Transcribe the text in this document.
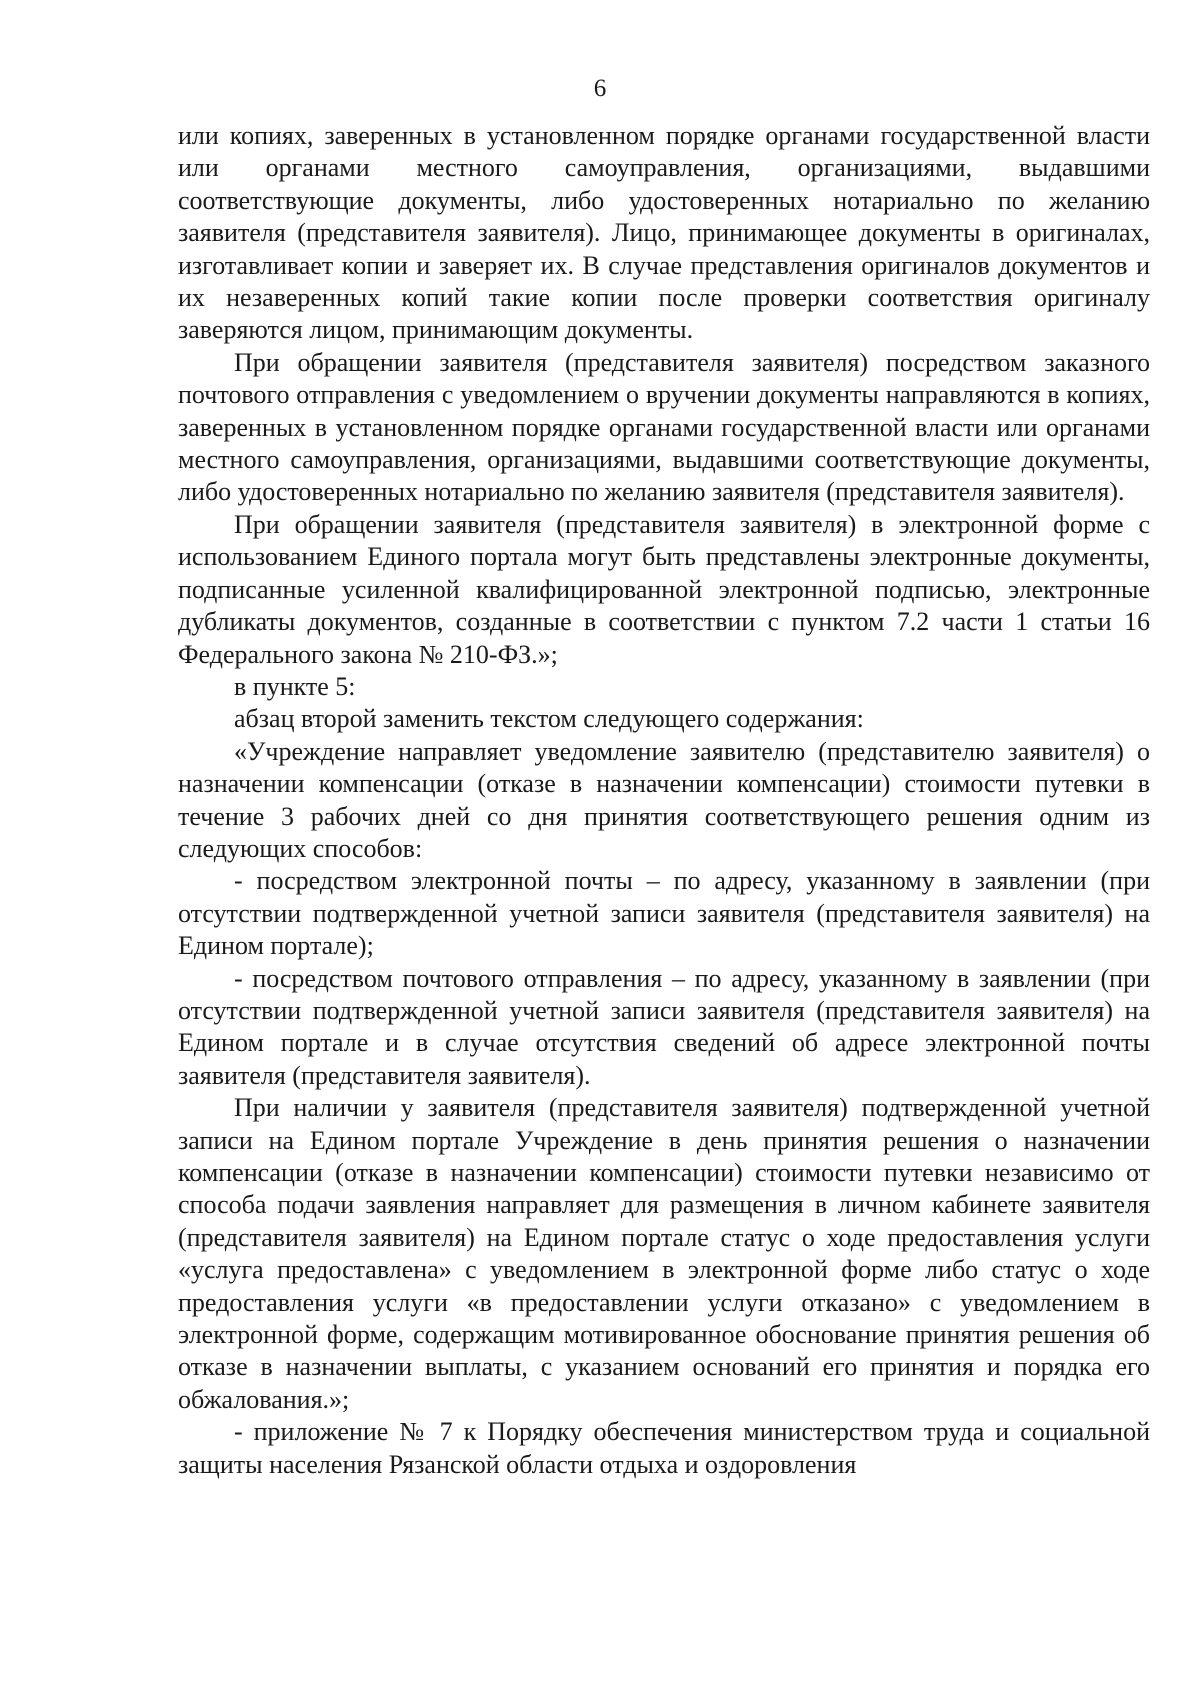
6

или копиях, заверенных в установленном порядке органами государственной власти или органами местного самоуправления, организациями, выдавшими соответствующие документы, либо удостоверенных нотариально по желанию заявителя (представителя заявителя). Лицо, принимающее документы в оригиналах, изготавливает копии и заверяет их. В случае представления оригиналов документов и их незаверенных копий такие копии после проверки соответствия оригиналу заверяются лицом, принимающим документы.

При обращении заявителя (представителя заявителя) посредством заказного почтового отправления с уведомлением о вручении документы направляются в копиях, заверенных в установленном порядке органами государственной власти или органами местного самоуправления, организациями, выдавшими соответствующие документы, либо удостоверенных нотариально по желанию заявителя (представителя заявителя).

При обращении заявителя (представителя заявителя) в электронной форме с использованием Единого портала могут быть представлены электронные документы, подписанные усиленной квалифицированной электронной подписью, электронные дубликаты документов, созданные в соответствии с пунктом 7.2 части 1 статьи 16 Федерального закона № 210-ФЗ.»;

в пункте 5:

абзац второй заменить текстом следующего содержания:

«Учреждение направляет уведомление заявителю (представителю заявителя) о назначении компенсации (отказе в назначении компенсации) стоимости путевки в течение 3 рабочих дней со дня принятия соответствующего решения одним из следующих способов:

- посредством электронной почты – по адресу, указанному в заявлении (при отсутствии подтвержденной учетной записи заявителя (представителя заявителя) на Едином портале);

- посредством почтового отправления – по адресу, указанному в заявлении (при отсутствии подтвержденной учетной записи заявителя (представителя заявителя) на Едином портале и в случае отсутствия сведений об адресе электронной почты заявителя (представителя заявителя).

При наличии у заявителя (представителя заявителя) подтвержденной учетной записи на Едином портале Учреждение в день принятия решения о назначении компенсации (отказе в назначении компенсации) стоимости путевки независимо от способа подачи заявления направляет для размещения в личном кабинете заявителя (представителя заявителя) на Едином портале статус о ходе предоставления услуги «услуга предоставлена» с уведомлением в электронной форме либо статус о ходе предоставления услуги «в предоставлении услуги отказано» с уведомлением в электронной форме, содержащим мотивированное обоснование принятия решения об отказе в назначении выплаты, с указанием оснований его принятия и порядка его обжалования.»;

- приложение № 7 к Порядку обеспечения министерством труда и социальной защиты населения Рязанской области отдыха и оздоровления
